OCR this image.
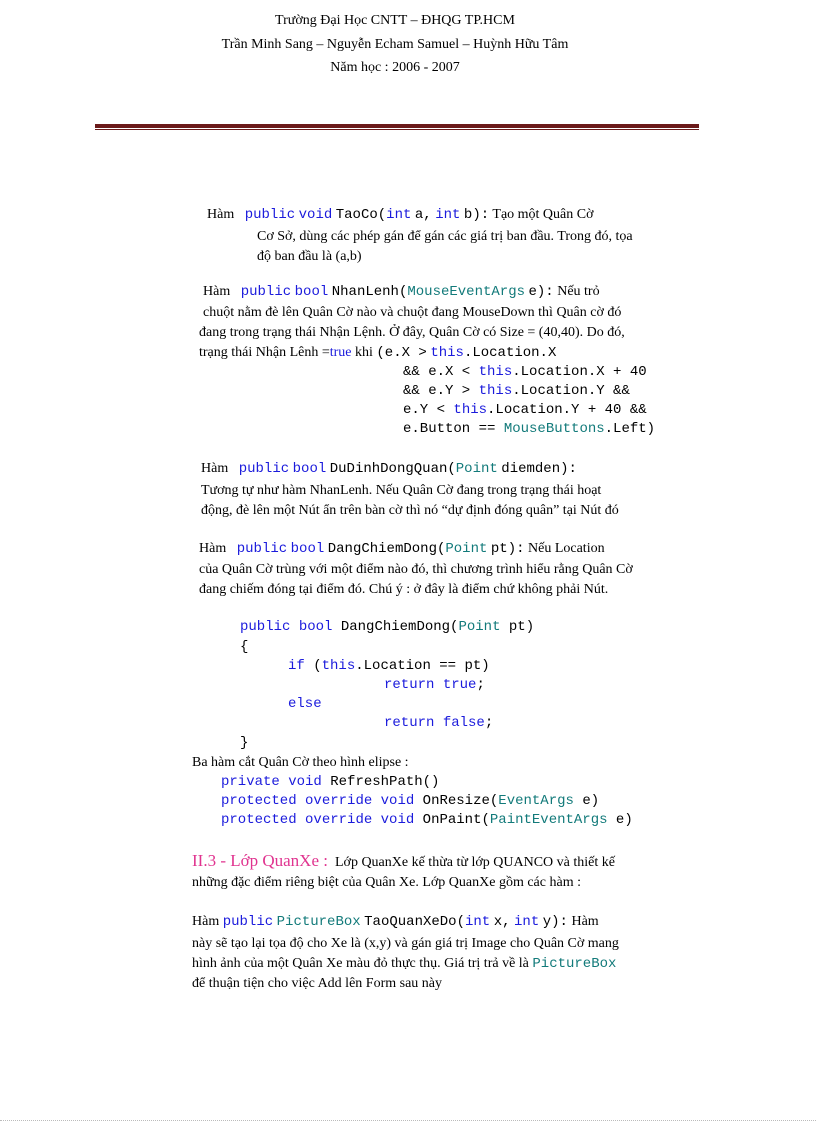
Trường Đại Học CNTT – ĐHQG TP.HCM
Trần Minh Sang – Nguyễn Echam Samuel – Huỳnh Hữu Tâm
Năm học : 2006 - 2007
Hàm public void TaoCo(int a, int b): Tạo một Quân Cờ
Cơ Sở, dùng các phép gán để gán các giá trị ban đầu. Trong đó, tọa
độ ban đầu là (a,b)
Hàm public bool NhanLenh(MouseEventArgs e): Nếu trỏ
chuột nằm đè lên Quân Cờ nào và chuột đang MouseDown thì Quân cờ đó
đang trong trạng thái Nhận Lệnh. Ở đây, Quân Cờ có Size = (40,40). Do đó,
trạng thái Nhận Lênh =true khi (e.X > this.Location.X
&& e.X < this.Location.X + 40
&& e.Y > this.Location.Y &&
e.Y < this.Location.Y + 40 &&
e.Button == MouseButtons.Left)
Hàm public bool DuDinhDongQuan(Point diemden):
Tương tự như hàm NhanLenh. Nếu Quân Cờ đang trong trạng thái hoạt
động, đè lên một Nút ẩn trên bàn cờ thì nó “dự định đóng quân” tại Nút đó
Hàm public bool DangChiemDong(Point pt): Nếu Location
của Quân Cờ trùng với một điểm nào đó, thì chương trình hiểu rằng Quân Cờ
đang chiếm đóng tại điểm đó. Chú ý : ở đây là điểm chứ không phải Nút.
public bool DangChiemDong(Point pt)
{
if (this.Location == pt)
return true;
else
return false;
}
Ba hàm cắt Quân Cờ theo hình elipse :
private void RefreshPath()
protected override void OnResize(EventArgs e)
protected override void OnPaint(PaintEventArgs e)
II.3 - Lớp QuanXe : Lớp QuanXe kế thừa từ lớp QUANCO và thiết kế
những đặc điểm riêng biệt của Quân Xe. Lớp QuanXe gồm các hàm :
Hàm public PictureBox TaoQuanXeDo(int x, int y): Hàm
này sẽ tạo lại tọa độ cho Xe là (x,y) và gán giá trị Image cho Quân Cờ mang
hình ảnh của một Quân Xe màu đỏ thực thụ. Giá trị trả về là PictureBox
để thuận tiện cho việc Add lên Form sau này
